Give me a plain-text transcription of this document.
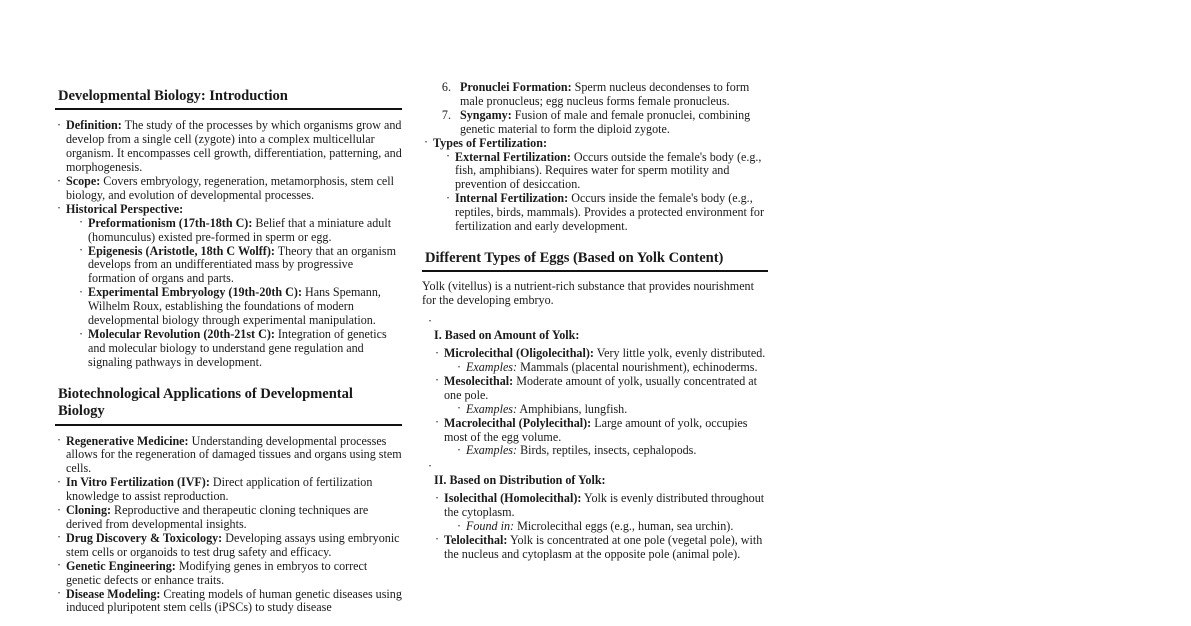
Developmental Biology: Introduction
· Definition: The study of the processes by which organisms grow and develop from a single cell (zygote) into a complex multicellular organism. It encompasses cell growth, differentiation, patterning, and morphogenesis.
· Scope: Covers embryology, regeneration, metamorphosis, stem cell biology, and evolution of developmental processes.
· Historical Perspective:
· Preformationism (17th-18th C): Belief that a miniature adult (homunculus) existed pre-formed in sperm or egg.
· Epigenesis (Aristotle, 18th C Wolff): Theory that an organism develops from an undifferentiated mass by progressive formation of organs and parts.
· Experimental Embryology (19th-20th C): Hans Spemann, Wilhelm Roux, establishing the foundations of modern developmental biology through experimental manipulation.
· Molecular Revolution (20th-21st C): Integration of genetics and molecular biology to understand gene regulation and signaling pathways in development.
Biotechnological Applications of Developmental Biology
· Regenerative Medicine: Understanding developmental processes allows for the regeneration of damaged tissues and organs using stem cells.
· In Vitro Fertilization (IVF): Direct application of fertilization knowledge to assist reproduction.
· Cloning: Reproductive and therapeutic cloning techniques are derived from developmental insights.
· Drug Discovery & Toxicology: Developing assays using embryonic stem cells or organoids to test drug safety and efficacy.
· Genetic Engineering: Modifying genes in embryos to correct genetic defects or enhance traits.
· Disease Modeling: Creating models of human genetic diseases using induced pluripotent stem cells (iPSCs) to study disease
6. Pronuclei Formation: Sperm nucleus decondenses to form male pronucleus; egg nucleus forms female pronucleus.
7. Syngamy: Fusion of male and female pronuclei, combining genetic material to form the diploid zygote.
· Types of Fertilization:
· External Fertilization: Occurs outside the female's body (e.g., fish, amphibians). Requires water for sperm motility and prevention of desiccation.
· Internal Fertilization: Occurs inside the female's body (e.g., reptiles, birds, mammals). Provides a protected environment for fertilization and early development.
Different Types of Eggs (Based on Yolk Content)

Yolk (vitellus) is a nutrient-rich substance that provides nourishment for the developing embryo.

·
I. Based on Amount of Yolk:
· Microlecithal (Oligolecithal): Very little yolk, evenly distributed.
· Examples: Mammals (placental nourishment), echinoderms.
· Mesolecithal: Moderate amount of yolk, usually concentrated at one pole.
· Examples: Amphibians, lungfish.
· Macrolecithal (Polylecithal): Large amount of yolk, occupies most of the egg volume.
· Examples: Birds, reptiles, insects, cephalopods.
·
II. Based on Distribution of Yolk:
· Isolecithal (Homolecithal): Yolk is evenly distributed throughout the cytoplasm.
· Found in: Microlecithal eggs (e.g., human, sea urchin).
· Telolecithal: Yolk is concentrated at one pole (vegetal pole), with the nucleus and cytoplasm at the opposite pole (animal pole).
